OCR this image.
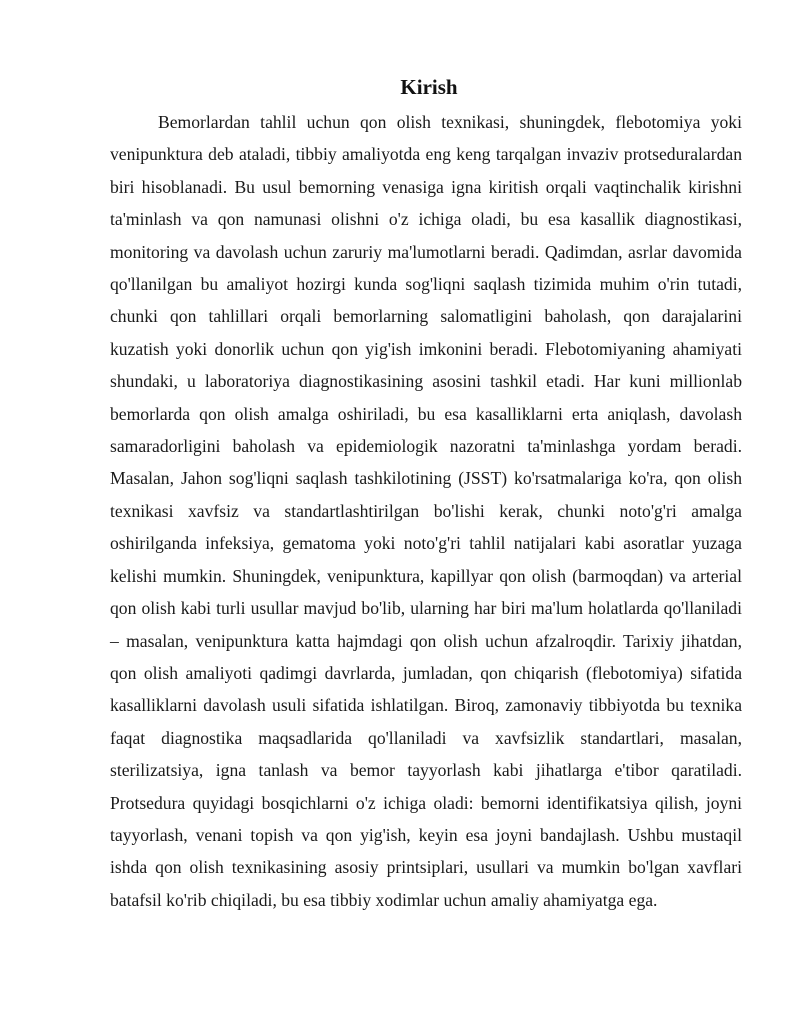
Kirish

Bemorlardan tahlil uchun qon olish texnikasi, shuningdek, flebotomiya yoki venipunktura deb ataladi, tibbiy amaliyotda eng keng tarqalgan invaziv protseduralardan biri hisoblanadi. Bu usul bemorning venasiga igna kiritish orqali vaqtinchalik kirishni ta'minlash va qon namunasi olishni o'z ichiga oladi, bu esa kasallik diagnostikasi, monitoring va davolash uchun zaruriy ma'lumotlarni beradi. Qadimdan, asrlar davomida qo'llanilgan bu amaliyot hozirgi kunda sog'liqni saqlash tizimida muhim o'rin tutadi, chunki qon tahlillari orqali bemorlarning salomatligini baholash, qon darajalarini kuzatish yoki donorlik uchun qon yig'ish imkonini beradi. Flebotomiyaning ahamiyati shundaki, u laboratoriya diagnostikasining asosini tashkil etadi. Har kuni millionlab bemorlarda qon olish amalga oshiriladi, bu esa kasalliklarni erta aniqlash, davolash samaradorligini baholash va epidemiologik nazoratni ta'minlashga yordam beradi. Masalan, Jahon sog'liqni saqlash tashkilotining (JSST) ko'rsatmalariga ko'ra, qon olish texnikasi xavfsiz va standartlashtirilgan bo'lishi kerak, chunki noto'g'ri amalga oshirilganda infeksiya, gematoma yoki noto'g'ri tahlil natijalari kabi asoratlar yuzaga kelishi mumkin. Shuningdek, venipunktura, kapillyar qon olish (barmoqdan) va arterial qon olish kabi turli usullar mavjud bo'lib, ularning har biri ma'lum holatlarda qo'llaniladi – masalan, venipunktura katta hajmdagi qon olish uchun afzalroqdir. Tarixiy jihatdan, qon olish amaliyoti qadimgi davrlarda, jumladan, qon chiqarish (flebotomiya) sifatida kasalliklarni davolash usuli sifatida ishlatilgan. Biroq, zamonaviy tibbiyotda bu texnika faqat diagnostika maqsadlarida qo'llaniladi va xavfsizlik standartlari, masalan, sterilizatsiya, igna tanlash va bemor tayyorlash kabi jihatlarga e'tibor qaratiladi. Protsedura quyidagi bosqichlarni o'z ichiga oladi: bemorni identifikatsiya qilish, joyni tayyorlash, venani topish va qon yig'ish, keyin esa joyni bandajlash. Ushbu mustaqil ishda qon olish texnikasining asosiy printsiplari, usullari va mumkin bo'lgan xavflari batafsil ko'rib chiqiladi, bu esa tibbiy xodimlar uchun amaliy ahamiyatga ega.
